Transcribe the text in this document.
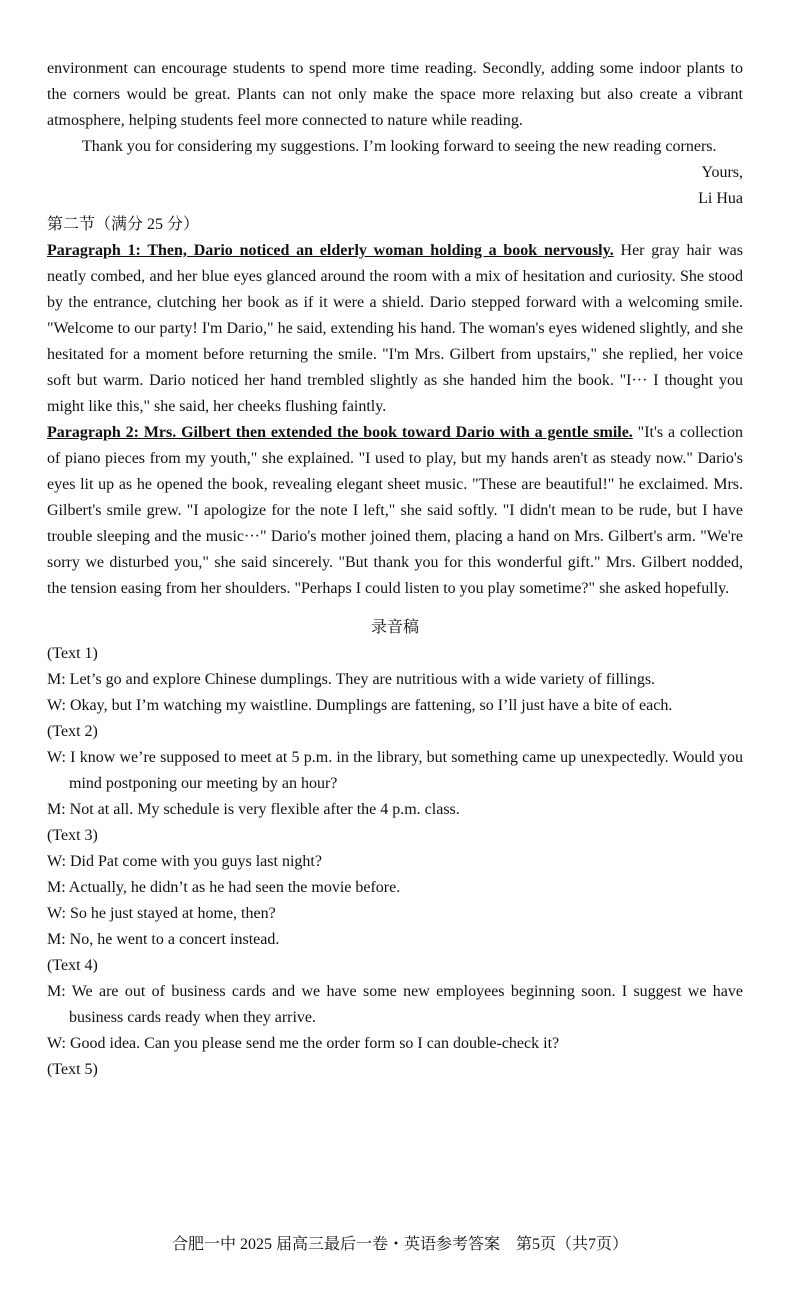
environment can encourage students to spend more time reading. Secondly, adding some indoor plants to the corners would be great. Plants can not only make the space more relaxing but also create a vibrant atmosphere, helping students feel more connected to nature while reading.

Thank you for considering my suggestions. I’m looking forward to seeing the new reading corners.

Yours,

Li Hua

第二节（满分 25 分）

Paragraph 1: Then, Dario noticed an elderly woman holding a book nervously. Her gray hair was neatly combed, and her blue eyes glanced around the room with a mix of hesitation and curiosity. She stood by the entrance, clutching her book as if it were a shield. Dario stepped forward with a welcoming smile. "Welcome to our party! I'm Dario," he said, extending his hand. The woman's eyes widened slightly, and she hesitated for a moment before returning the smile. "I'm Mrs. Gilbert from upstairs," she replied, her voice soft but warm. Dario noticed her hand trembled slightly as she handed him the book. "I··· I thought you might like this," she said, her cheeks flushing faintly.

Paragraph 2: Mrs. Gilbert then extended the book toward Dario with a gentle smile. "It's a collection of piano pieces from my youth," she explained. "I used to play, but my hands aren't as steady now." Dario's eyes lit up as he opened the book, revealing elegant sheet music. "These are beautiful!" he exclaimed. Mrs. Gilbert's smile grew. "I apologize for the note I left," she said softly. "I didn't mean to be rude, but I have trouble sleeping and the music···" Dario's mother joined them, placing a hand on Mrs. Gilbert's arm. "We're sorry we disturbed you," she said sincerely. "But thank you for this wonderful gift." Mrs. Gilbert nodded, the tension easing from her shoulders. "Perhaps I could listen to you play sometime?" she asked hopefully.

录音稿

(Text 1)

M: Let’s go and explore Chinese dumplings. They are nutritious with a wide variety of fillings.

W: Okay, but I’m watching my waistline. Dumplings are fattening, so I’ll just have a bite of each.

(Text 2)

W: I know we’re supposed to meet at 5 p.m. in the library, but something came up unexpectedly. Would you mind postponing our meeting by an hour?

M: Not at all. My schedule is very flexible after the 4 p.m. class.

(Text 3)

W: Did Pat come with you guys last night?

M: Actually, he didn’t as he had seen the movie before.

W: So he just stayed at home, then?

M: No, he went to a concert instead.

(Text 4)

M: We are out of business cards and we have some new employees beginning soon. I suggest we have business cards ready when they arrive.

W: Good idea. Can you please send me the order form so I can double-check it?

(Text 5)

合肥一中 2025 届高三最后一卷・英语参考答案　第5页（共7页）
